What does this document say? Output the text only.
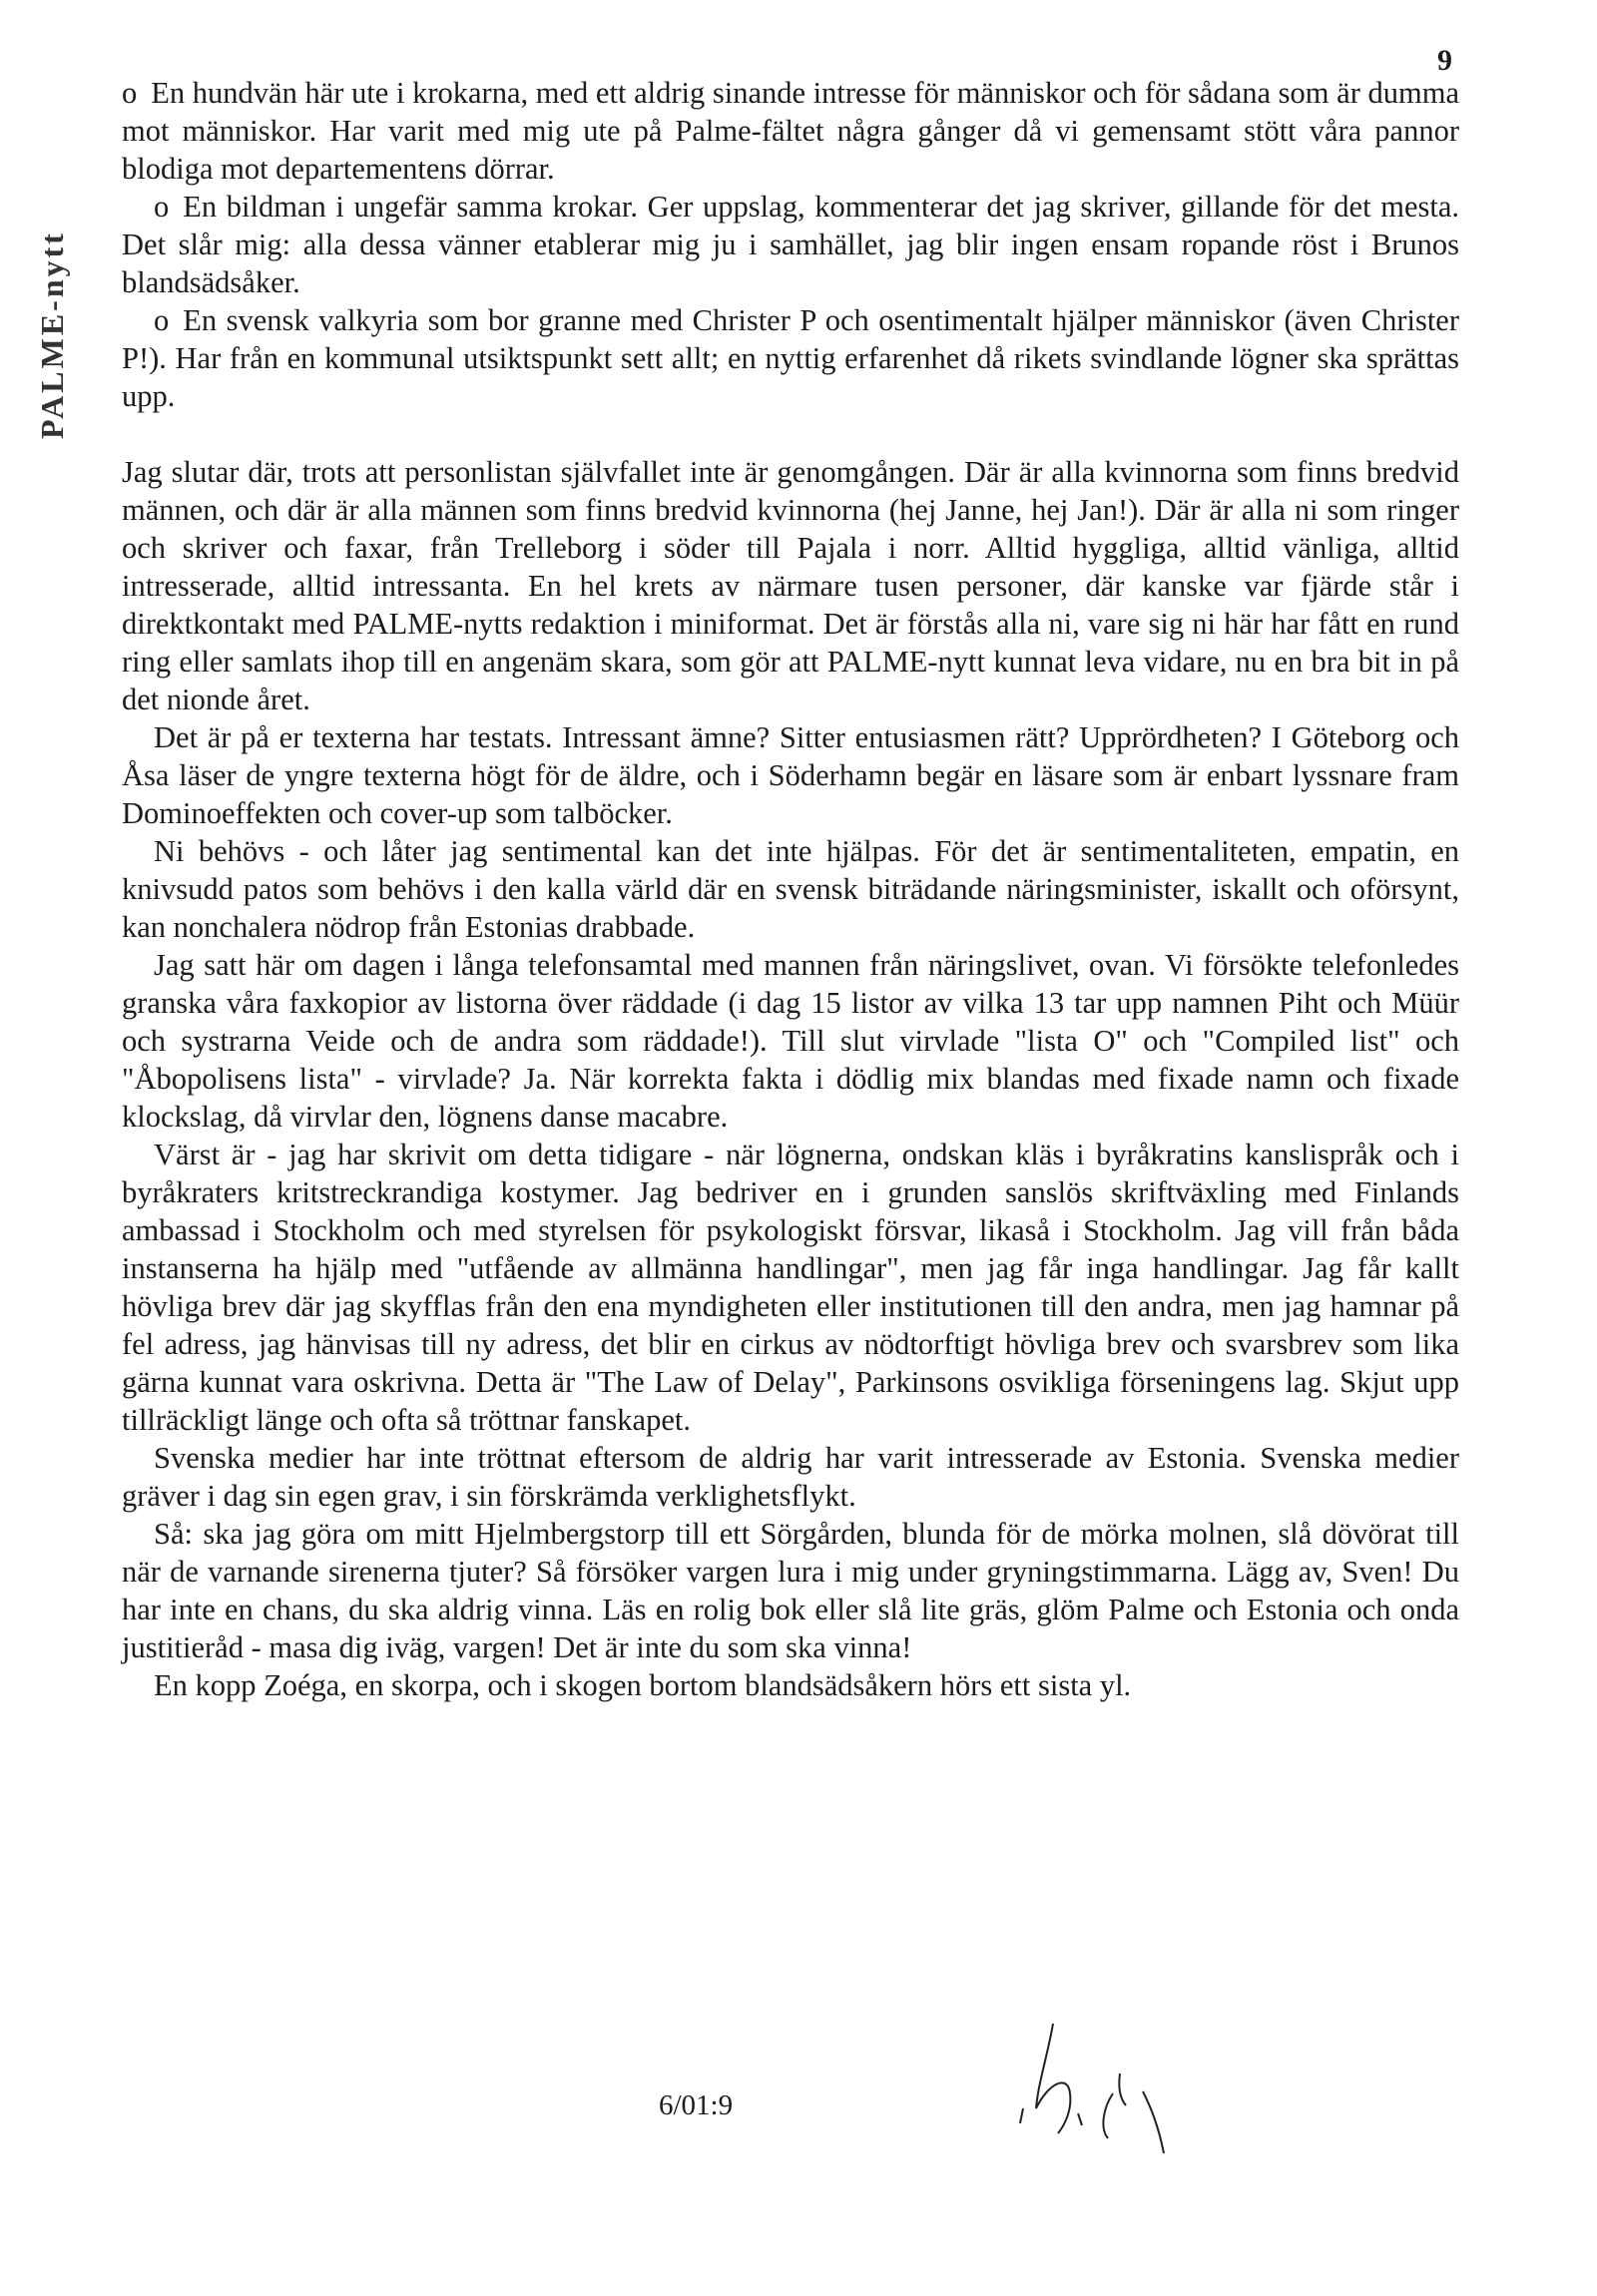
9
PALME-nytt

o En hundvän här ute i krokarna, med ett aldrig sinande intresse för människor och för sådana som är dumma mot människor. Har varit med mig ute på Palme-fältet några gånger då vi gemensamt stött våra pannor blodiga mot departementens dörrar.

o En bildman i ungefär samma krokar. Ger uppslag, kommenterar det jag skriver, gillande för det mesta. Det slår mig: alla dessa vänner etablerar mig ju i samhället, jag blir ingen ensam ropande röst i Brunos blandsädsåker.

o En svensk valkyria som bor granne med Christer P och osentimentalt hjälper människor (även Christer P!). Har från en kommunal utsiktspunkt sett allt; en nyttig erfarenhet då rikets svindlande lögner ska sprättas upp.

Jag slutar där, trots att personlistan självfallet inte är genomgången. Där är alla kvinnorna som finns bredvid männen, och där är alla männen som finns bredvid kvinnorna (hej Janne, hej Jan!). Där är alla ni som ringer och skriver och faxar, från Trelleborg i söder till Pajala i norr. Alltid hyggliga, alltid vänliga, alltid intresserade, alltid intressanta. En hel krets av närmare tusen personer, där kanske var fjärde står i direktkontakt med PALME-nytts redaktion i miniformat. Det är förstås alla ni, vare sig ni här har fått en rund ring eller samlats ihop till en angenäm skara, som gör att PALME-nytt kunnat leva vidare, nu en bra bit in på det nionde året.

Det är på er texterna har testats. Intressant ämne? Sitter entusiasmen rätt? Upprördheten? I Göteborg och Åsa läser de yngre texterna högt för de äldre, och i Söderhamn begär en läsare som är enbart lyssnare fram Dominoeffekten och cover-up som talböcker.

Ni behövs - och låter jag sentimental kan det inte hjälpas. För det är sentimentaliteten, empatin, en knivsudd patos som behövs i den kalla värld där en svensk biträdande näringsminister, iskallt och oförsynt, kan nonchalera nödrop från Estonias drabbade.

Jag satt här om dagen i långa telefonsamtal med mannen från näringslivet, ovan. Vi försökte telefonledes granska våra faxkopior av listorna över räddade (i dag 15 listor av vilka 13 tar upp namnen Piht och Müür och systrarna Veide och de andra som räddade!). Till slut virvlade "lista O" och "Compiled list" och "Åbopolisens lista" - virvlade? Ja. När korrekta fakta i dödlig mix blandas med fixade namn och fixade klockslag, då virvlar den, lögnens danse macabre.

Värst är - jag har skrivit om detta tidigare - när lögnerna, ondskan kläs i byråkratins kanslispråk och i byråkraters kritstreckrandiga kostymer. Jag bedriver en i grunden sanslös skriftväxling med Finlands ambassad i Stockholm och med styrelsen för psykologiskt försvar, likaså i Stockholm. Jag vill från båda instanserna ha hjälp med "utfående av allmänna handlingar", men jag får inga handlingar. Jag får kallt hövliga brev där jag skyfflas från den ena myndigheten eller institutionen till den andra, men jag hamnar på fel adress, jag hänvisas till ny adress, det blir en cirkus av nödtorftigt hövliga brev och svarsbrev som lika gärna kunnat vara oskrivna. Detta är "The Law of Delay", Parkinsons osvikliga förseningens lag. Skjut upp tillräckligt länge och ofta så tröttnar fanskapet.

Svenska medier har inte tröttnat eftersom de aldrig har varit intresserade av Estonia. Svenska medier gräver i dag sin egen grav, i sin förskrämda verklighetsflykt.

Så: ska jag göra om mitt Hjelmbergstorp till ett Sörgården, blunda för de mörka molnen, slå dövörat till när de varnande sirenerna tjuter? Så försöker vargen lura i mig under gryningstimmarna. Lägg av, Sven! Du har inte en chans, du ska aldrig vinna. Läs en rolig bok eller slå lite gräs, glöm Palme och Estonia och onda justitieråd - masa dig iväg, vargen! Det är inte du som ska vinna!

En kopp Zoéga, en skorpa, och i skogen bortom blandsädsåkern hörs ett sista yl.

6/01:9
